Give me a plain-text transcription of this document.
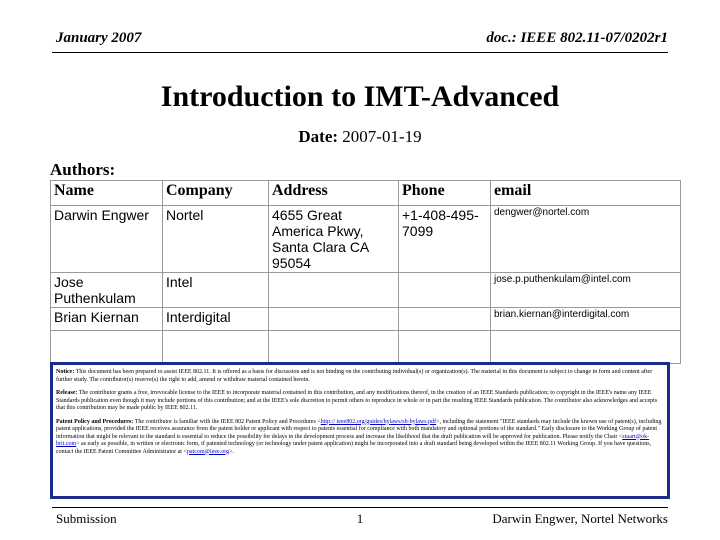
January 2007	doc.: IEEE 802.11-07/0202r1
Introduction to IMT-Advanced
Date: 2007-01-19
Authors:
Name	Company	Address	Phone	email
Darwin Engwer	Nortel	4655 Great America Pkwy, Santa Clara CA 95054	+1-408-495-7099	dengwer@nortel.com
Jose Puthenkulam	Intel			jose.p.puthenkulam@intel.com
Brian Kiernan	Interdigital			brian.kiernan@interdigital.com

Notice: This document has been prepared to assist IEEE 802.11. It is offered as a basis for discussion and is not binding on the contributing individual(s) or organization(s). The material in this document is subject to change in form and content after further study. The contributor(s) reserve(s) the right to add, amend or withdraw material contained herein.

Release: The contributor grants a free, irrevocable license to the IEEE to incorporate material contained in this contribution, and any modifications thereof, in the creation of an IEEE Standards publication; to copyright in the IEEE's name any IEEE Standards publication even though it may include portions of this contribution; and at the IEEE's sole discretion to permit others to reproduce in whole or in part the resulting IEEE Standards publication. The contributor also acknowledges and accepts that this contribution may be made public by IEEE 802.11.

Patent Policy and Procedures: The contributor is familiar with the IEEE 802 Patent Policy and Procedures <http:// ieee802.org/guides/bylaws/sb-bylaws.pdf>, including the statement "IEEE standards may include the known use of patent(s), including patent applications, provided the IEEE receives assurance from the patent holder or applicant with respect to patents essential for compliance with both mandatory and optional portions of the standard." Early disclosure to the Working Group of patent information that might be relevant to the standard is essential to reduce the possibility for delays in the development process and increase the likelihood that the draft publication will be approved for publication. Please notify the Chair <stuart@ok-brit.com> as early as possible, in written or electronic form, if patented technology (or technology under patent application) might be incorporated into a draft standard being developed within the IEEE 802.11 Working Group. If you have questions, contact the IEEE Patent Committee Administrator at <patcom@ieee.org>.

Submission	1	Darwin Engwer, Nortel Networks
